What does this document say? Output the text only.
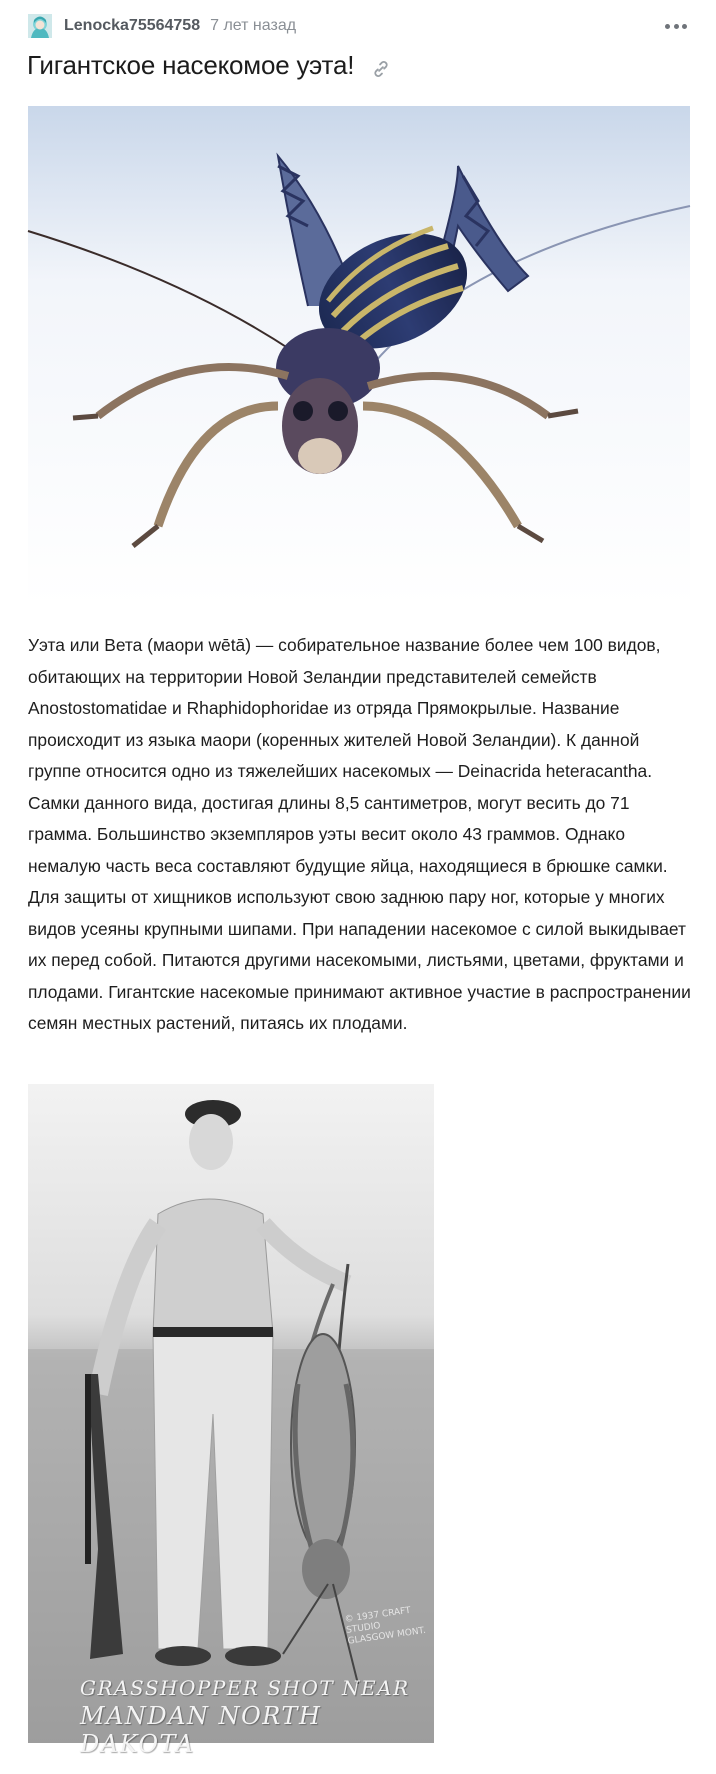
Lenocka75564758 7 лет назад
Гигантское насекомое уэта!

Уэта или Вета (маори wētā) — собирательное название более чем 100 видов, обитающих на территории Новой Зеландии представителей семейств Anostostomatidae и Rhaphidophoridae из отряда Прямокрылые. Название происходит из языка маори (коренных жителей Новой Зеландии). К данной группе относится одно из тяжелейших насекомых — Deinacrida heteracantha. Самки данного вида, достигая длины 8,5 сантиметров, могут весить до 71 грамма. Большинство экземпляров уэты весит около 43 граммов. Однако немалую часть веса составляют будущие яйца, находящиеся в брюшке самки. Для защиты от хищников используют свою заднюю пару ног, которые у многих видов усеяны крупными шипами. При нападении насекомое с силой выкидывает их перед собой. Питаются другими насекомыми, листьями, цветами, фруктами и плодами. Гигантские насекомые принимают активное участие в распространении семян местных растений, питаясь их плодами.

© 1937 CRAFT STUDIO GLASGOW MONT.
GRASSHOPPER SHOT NEAR
MANDAN NORTH DAKOTA
